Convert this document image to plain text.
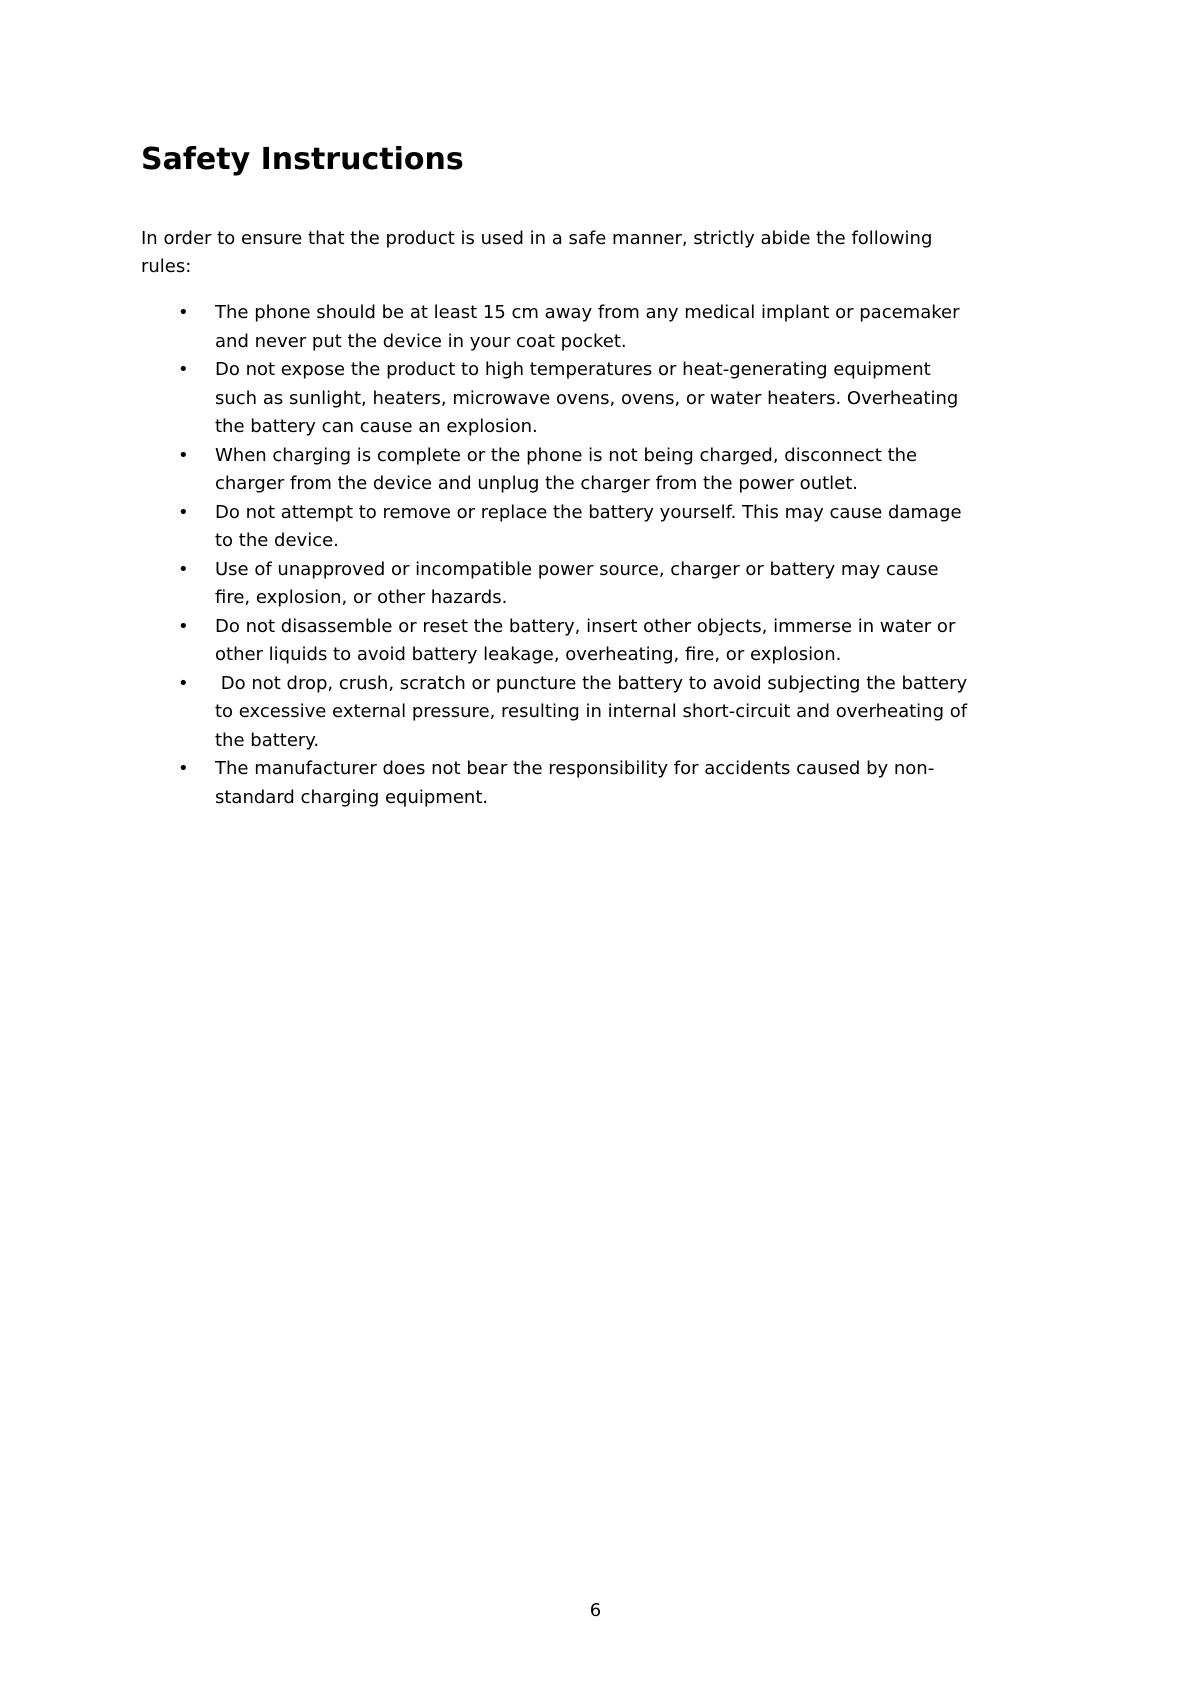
Safety Instructions
In order to ensure that the product is used in a safe manner, strictly abide the following
rules:
• The phone should be at least 15 cm away from any medical implant or pacemaker
and never put the device in your coat pocket.
• Do not expose the product to high temperatures or heat-generating equipment
such as sunlight, heaters, microwave ovens, ovens, or water heaters. Overheating
the battery can cause an explosion.
• When charging is complete or the phone is not being charged, disconnect the
charger from the device and unplug the charger from the power outlet.
• Do not attempt to remove or replace the battery yourself. This may cause damage
to the device.
• Use of unapproved or incompatible power source, charger or battery may cause
fire, explosion, or other hazards.
• Do not disassemble or reset the battery, insert other objects, immerse in water or
other liquids to avoid battery leakage, overheating, fire, or explosion.
• Do not drop, crush, scratch or puncture the battery to avoid subjecting the battery
to excessive external pressure, resulting in internal short-circuit and overheating of
the battery.
• The manufacturer does not bear the responsibility for accidents caused by non-
standard charging equipment.
6
